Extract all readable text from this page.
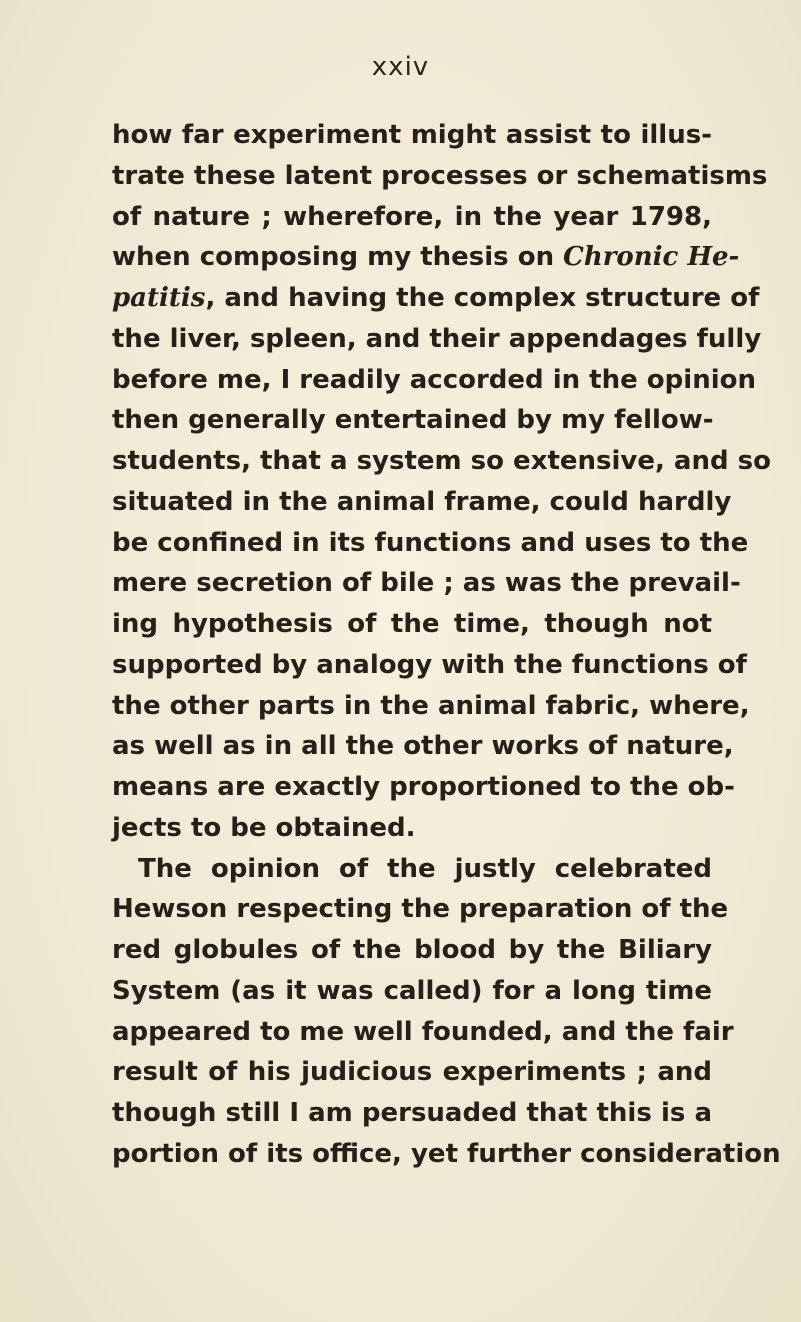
xxiv
how far experiment might assist to illus-
trate these latent processes or schematisms
of nature ; wherefore, in the year 1798,
when composing my thesis on Chronic He-
patitis, and having the complex structure of
the liver, spleen, and their appendages fully
before me, I readily accorded in the opinion
then generally entertained by my fellow-
students, that a system so extensive, and so
situated in the animal frame, could hardly
be confined in its functions and uses to the
mere secretion of bile ; as was the prevail-
ing hypothesis of the time, though not
supported by analogy with the functions of
the other parts in the animal fabric, where,
as well as in all the other works of nature,
means are exactly proportioned to the ob-
jects to be obtained.
The opinion of the justly celebrated
Hewson respecting the preparation of the
red globules of the blood by the Biliary
System (as it was called) for a long time
appeared to me well founded, and the fair
result of his judicious experiments ; and
though still I am persuaded that this is a
portion of its office, yet further consideration
